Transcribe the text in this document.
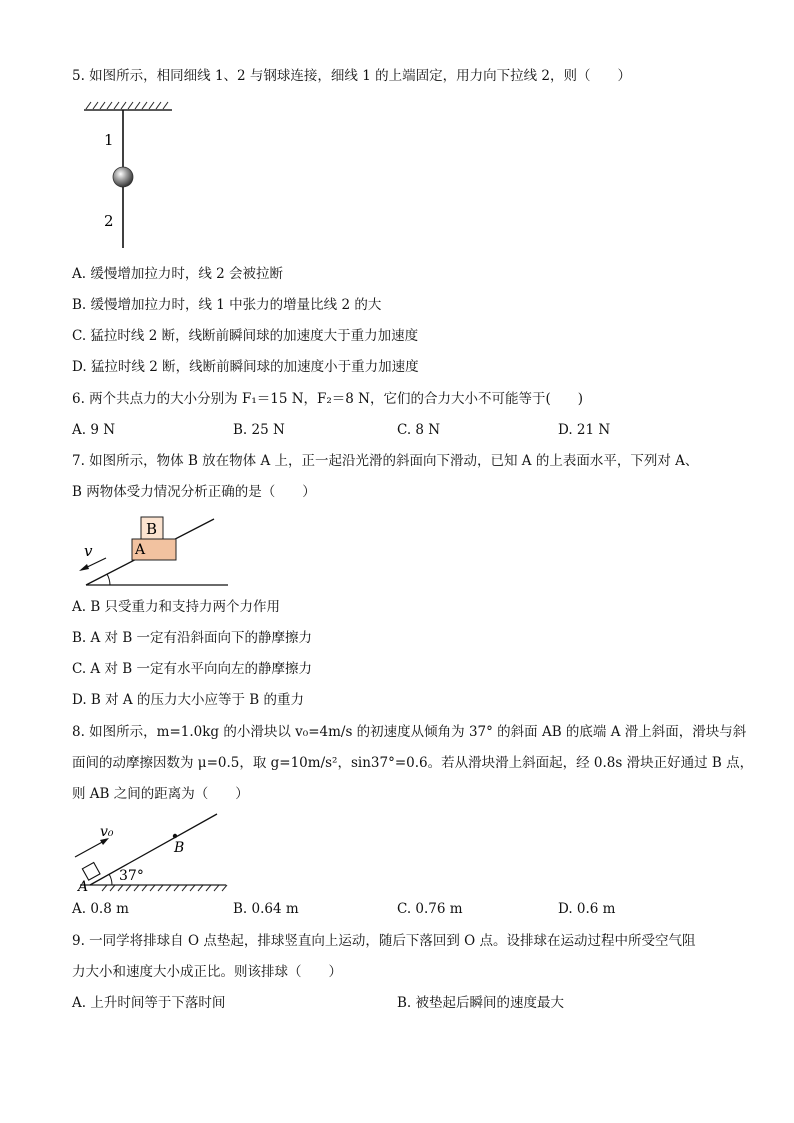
5. 如图所示，相同细线 1、2 与钢球连接，细线 1 的上端固定，用力向下拉线 2，则（　　）
1
2
A. 缓慢增加拉力时，线 2 会被拉断
B. 缓慢增加拉力时，线 1 中张力的增量比线 2 的大
C. 猛拉时线 2 断，线断前瞬间球的加速度大于重力加速度
D. 猛拉时线 2 断，线断前瞬间球的加速度小于重力加速度
6. 两个共点力的大小分别为 F₁＝15 N，F₂＝8 N，它们的合力大小不可能等于(　　)
A. 9 N	B. 25 N	C. 8 N	D. 21 N
7. 如图所示，物体 B 放在物体 A 上，正一起沿光滑的斜面向下滑动，已知 A 的上表面水平，下列对 A、
B 两物体受力情况分析正确的是（　　）
B
A
v
A. B 只受重力和支持力两个力作用
B. A 对 B 一定有沿斜面向下的静摩擦力
C. A 对 B 一定有水平向向左的静摩擦力
D. B 对 A 的压力大小应等于 B 的重力
8. 如图所示，m=1.0kg 的小滑块以 v₀=4m/s 的初速度从倾角为 37° 的斜面 AB 的底端 A 滑上斜面，滑块与斜
面间的动摩擦因数为 μ=0.5，取 g=10m/s²，sin37°=0.6。若从滑块滑上斜面起，经 0.8s 滑块正好通过 B 点，
则 AB 之间的距离为（　　）
v₀
B
A
37°
A. 0.8 m	B. 0.64 m	C. 0.76 m	D. 0.6 m
9. 一同学将排球自 O 点垫起，排球竖直向上运动，随后下落回到 O 点。设排球在运动过程中所受空气阻
力大小和速度大小成正比。则该排球（　　）
A. 上升时间等于下落时间	B. 被垫起后瞬间的速度最大
